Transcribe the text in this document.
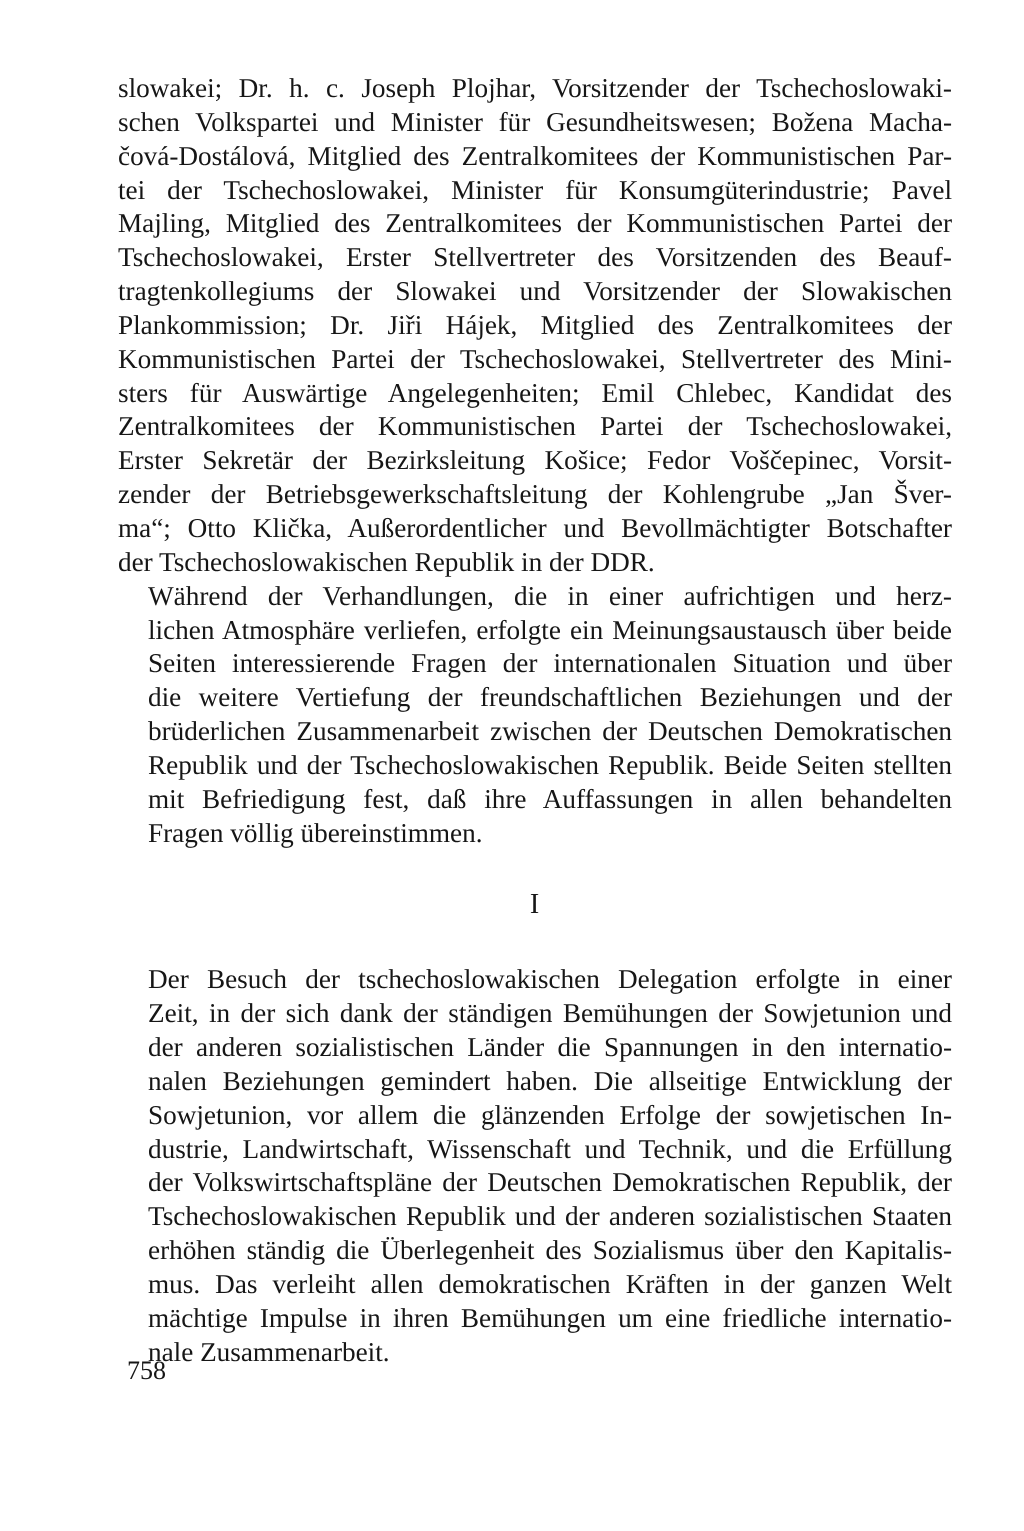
slowakei; Dr. h. c. Joseph Plojhar, Vorsitzender der Tschechoslowaki-
schen Volkspartei und Minister für Gesundheitswesen; Božena Macha-
čová-Dostálová, Mitglied des Zentralkomitees der Kommunistischen Par-
tei der Tschechoslowakei, Minister für Konsumgüterindustrie; Pavel
Majling, Mitglied des Zentralkomitees der Kommunistischen Partei der
Tschechoslowakei, Erster Stellvertreter des Vorsitzenden des Beauf-
tragtenkollegiums der Slowakei und Vorsitzender der Slowakischen
Plankommission; Dr. Jiři Hájek, Mitglied des Zentralkomitees der
Kommunistischen Partei der Tschechoslowakei, Stellvertreter des Mini-
sters für Auswärtige Angelegenheiten; Emil Chlebec, Kandidat des
Zentralkomitees der Kommunistischen Partei der Tschechoslowakei,
Erster Sekretär der Bezirksleitung Košice; Fedor Voščepinec, Vorsit-
zender der Betriebsgewerkschaftsleitung der Kohlengrube „Jan Šver-
ma“; Otto Klička, Außerordentlicher und Bevollmächtigter Botschafter
der Tschechoslowakischen Republik in der DDR.
Während der Verhandlungen, die in einer aufrichtigen und herz-
lichen Atmosphäre verliefen, erfolgte ein Meinungsaustausch über beide
Seiten interessierende Fragen der internationalen Situation und über
die weitere Vertiefung der freundschaftlichen Beziehungen und der
brüderlichen Zusammenarbeit zwischen der Deutschen Demokratischen
Republik und der Tschechoslowakischen Republik. Beide Seiten stellten
mit Befriedigung fest, daß ihre Auffassungen in allen behandelten
Fragen völlig übereinstimmen.
I
Der Besuch der tschechoslowakischen Delegation erfolgte in einer
Zeit, in der sich dank der ständigen Bemühungen der Sowjetunion und
der anderen sozialistischen Länder die Spannungen in den internatio-
nalen Beziehungen gemindert haben. Die allseitige Entwicklung der
Sowjetunion, vor allem die glänzenden Erfolge der sowjetischen In-
dustrie, Landwirtschaft, Wissenschaft und Technik, und die Erfüllung
der Volkswirtschaftspläne der Deutschen Demokratischen Republik, der
Tschechoslowakischen Republik und der anderen sozialistischen Staaten
erhöhen ständig die Überlegenheit des Sozialismus über den Kapitalis-
mus. Das verleiht allen demokratischen Kräften in der ganzen Welt
mächtige Impulse in ihren Bemühungen um eine friedliche internatio-
nale Zusammenarbeit.
758
